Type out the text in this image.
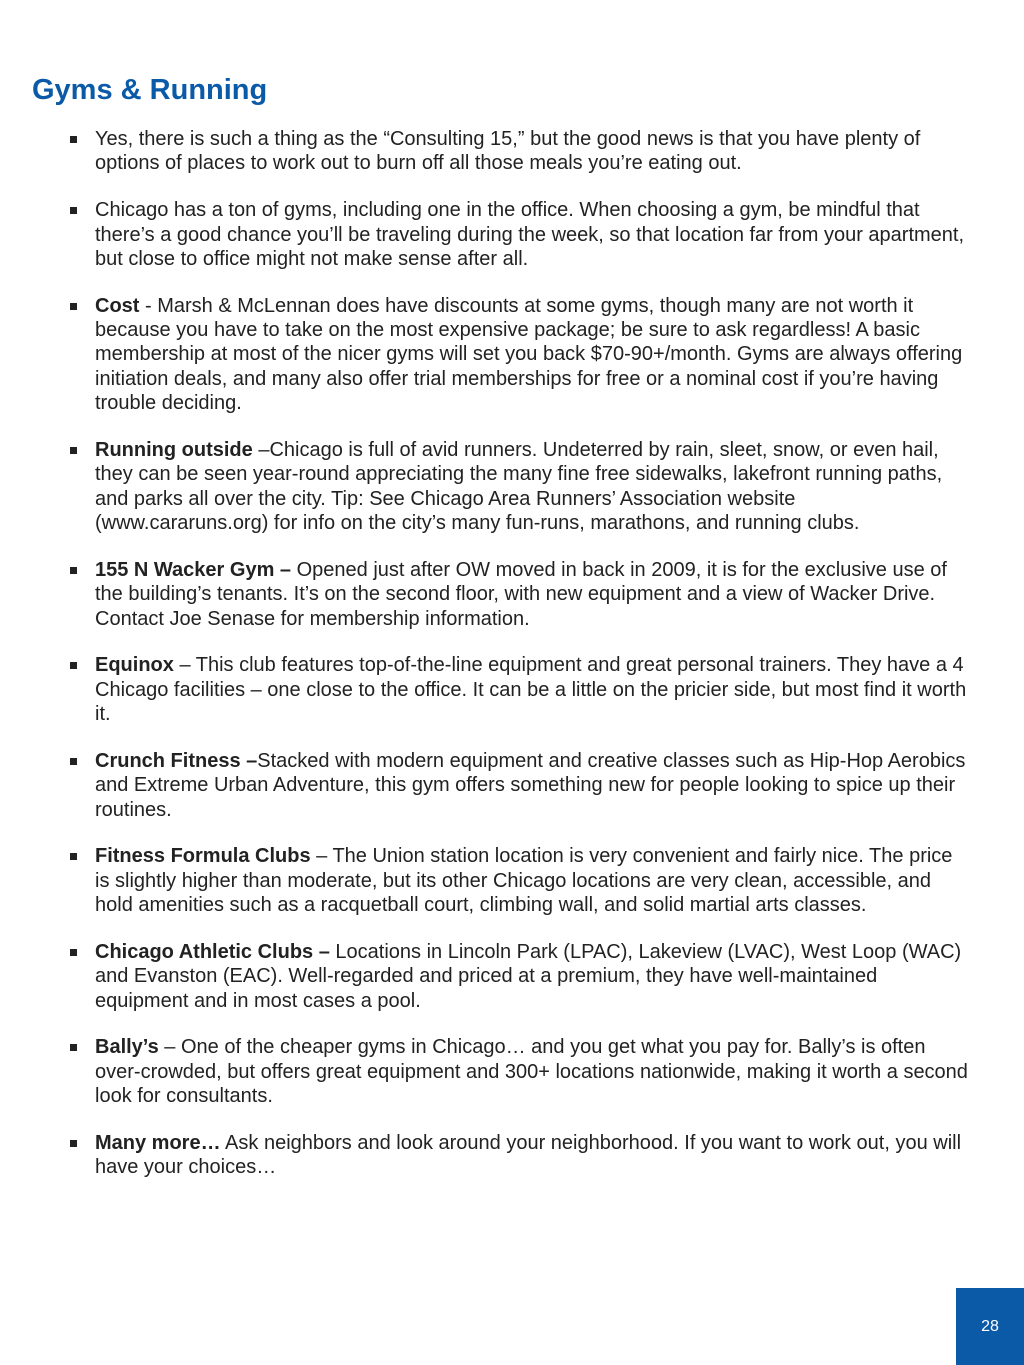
Gyms & Running
Yes, there is such a thing as the “Consulting 15,” but the good news is that you have plenty of options of places to work out to burn off all those meals you’re eating out.
Chicago has a ton of gyms, including one in the office. When choosing a gym, be mindful that there’s a good chance you’ll be traveling during the week, so that location far from your apartment, but close to office might not make sense after all.
Cost - Marsh & McLennan does have discounts at some gyms, though many are not worth it because you have to take on the most expensive package; be sure to ask regardless! A basic membership at most of the nicer gyms will set you back $70-90+/month. Gyms are always offering initiation deals, and many also offer trial memberships for free or a nominal cost if you’re having trouble deciding.
Running outside –Chicago is full of avid runners. Undeterred by rain, sleet, snow, or even hail, they can be seen year-round appreciating the many fine free sidewalks, lakefront running paths, and parks all over the city. Tip: See Chicago Area Runners’ Association website (www.cararuns.org) for info on the city’s many fun-runs, marathons, and running clubs.
155 N Wacker Gym – Opened just after OW moved in back in 2009, it is for the exclusive use of the building’s tenants. It’s on the second floor, with new equipment and a view of Wacker Drive. Contact Joe Senase for membership information.
Equinox – This club features top-of-the-line equipment and great personal trainers. They have a 4 Chicago facilities – one close to the office. It can be a little on the pricier side, but most find it worth it.
Crunch Fitness –Stacked with modern equipment and creative classes such as Hip-Hop Aerobics and Extreme Urban Adventure, this gym offers something new for people looking to spice up their routines.
Fitness Formula Clubs – The Union station location is very convenient and fairly nice. The price is slightly higher than moderate, but its other Chicago locations are very clean, accessible, and hold amenities such as a racquetball court, climbing wall, and solid martial arts classes.
Chicago Athletic Clubs – Locations in Lincoln Park (LPAC), Lakeview (LVAC), West Loop (WAC) and Evanston (EAC). Well-regarded and priced at a premium, they have well-maintained equipment and in most cases a pool.
Bally’s – One of the cheaper gyms in Chicago… and you get what you pay for. Bally’s is often over-crowded, but offers great equipment and 300+ locations nationwide, making it worth a second look for consultants.
Many more… Ask neighbors and look around your neighborhood. If you want to work out, you will have your choices…
28
